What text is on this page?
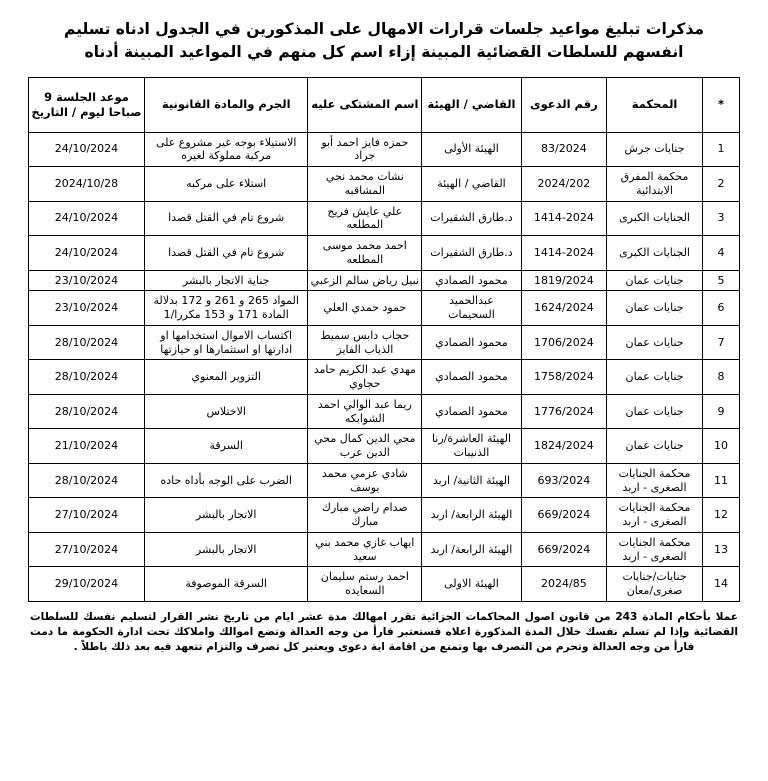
مذكرات تبليغ مواعيد جلسات قرارات الامهال على المذكورين في الجدول ادناه تسليم انفسهم للسلطات القضائية المبينة إزاء اسم كل منهم في المواعيد المبينة أدناه
*	المحكمة	رقم الدعوى	القاضي / الهيئة	اسم المشتكى عليه	الجرم والمادة القانونية	موعد الجلسة 9 صباحا ليوم / التاريخ
1	جنايات جرش	83/2024	الهيئة الأولى	حمزه فايز احمد أبو جراد	الاستيلاء بوجه غير مشروع على مركبة مملوكة لغيره	24/10/2024
2	محكمة المفرق الابتدائية	2024/202	القاضي / الهيئة	نشات محمد نجي المشاقبه	استلاء على مركبه	2024/10/28
3	الجنايات الكبرى	1414-2024	د.طارق الشقيرات	علي عايش فريح المطلعه	شروع تام في القتل قصدا	24/10/2024
4	الجنايات الكبرى	1414-2024	د.طارق الشقيرات	احمد محمد موسى المطلعه	شروع تام في القتل قصدا	24/10/2024
5	جنايات عمان	1819/2024	محمود الصمادي	نبيل رياض سالم الزعبي	جناية الاتجار بالبشر	23/10/2024
6	جنايات عمان	1624/2024	عبدالحميد السحيمات	حمود حمدي العلي	المواد 265 و 261 و 172 بدلالة المادة 171 و 153 مكررا/1	23/10/2024
7	جنايات عمان	1706/2024	محمود الصمادي	حجاب دابس سميط الذياب الفايز	اكتساب الاموال استخدامها او ادارتها او استثمارها او حيازتها	28/10/2024
8	جنايات عمان	1758/2024	محمود الصمادي	مهدي عبد الكريم حامد حجاوي	التزوير المعنوي	28/10/2024
9	جنايات عمان	1776/2024	محمود الصمادي	ريما عبد الوالي احمد الشوابكه	الاختلاس	28/10/2024
10	جنايات عمان	1824/2024	الهيئة العاشرة/رنا الذنيبات	محي الدين كمال محي الدين عرب	السرقة	21/10/2024
11	محكمة الجنايات الصغرى - اربد	693/2024	الهيئة الثانية/ اربد	شادي عزمي محمد يوسف	الضرب على الوجه بأداه حاده	28/10/2024
12	محكمة الجنايات الصغرى - اربد	669/2024	الهيئة الرابعة/ اربد	صدام راضي مبارك مبارك	الاتجار بالبشر	27/10/2024
13	محكمة الجنايات الصغرى - اربد	669/2024	الهيئة الرابعة/ اربد	ايهاب غازي محمد بني سعيد	الاتجار بالبشر	27/10/2024
14	جنايات/جنايات صغرى/معان	2024/85	الهيئة الاولى	احمد رستم سليمان السعايده	السرقة الموصوفة	29/10/2024
عملا بأحكام المادة 243 من قانون اصول المحاكمات الجزائية تقرر امهالك مدة عشر ايام من تاريخ نشر القرار لتسليم نفسك للسلطات القضائية وإذا لم تسلم نفسك خلال المدة المذكورة اعلاه فستعتبر فارأ من وجه العدالة وتضع اموالك واملاكك تحت ادارة الحكومة ما دمت فارأ من وجه العدالة وتحرم من التصرف بها وتمنع من اقامة اية دعوى ويعتبر كل تصرف والتزام تتعهد فيه بعد ذلك باطلاً .
